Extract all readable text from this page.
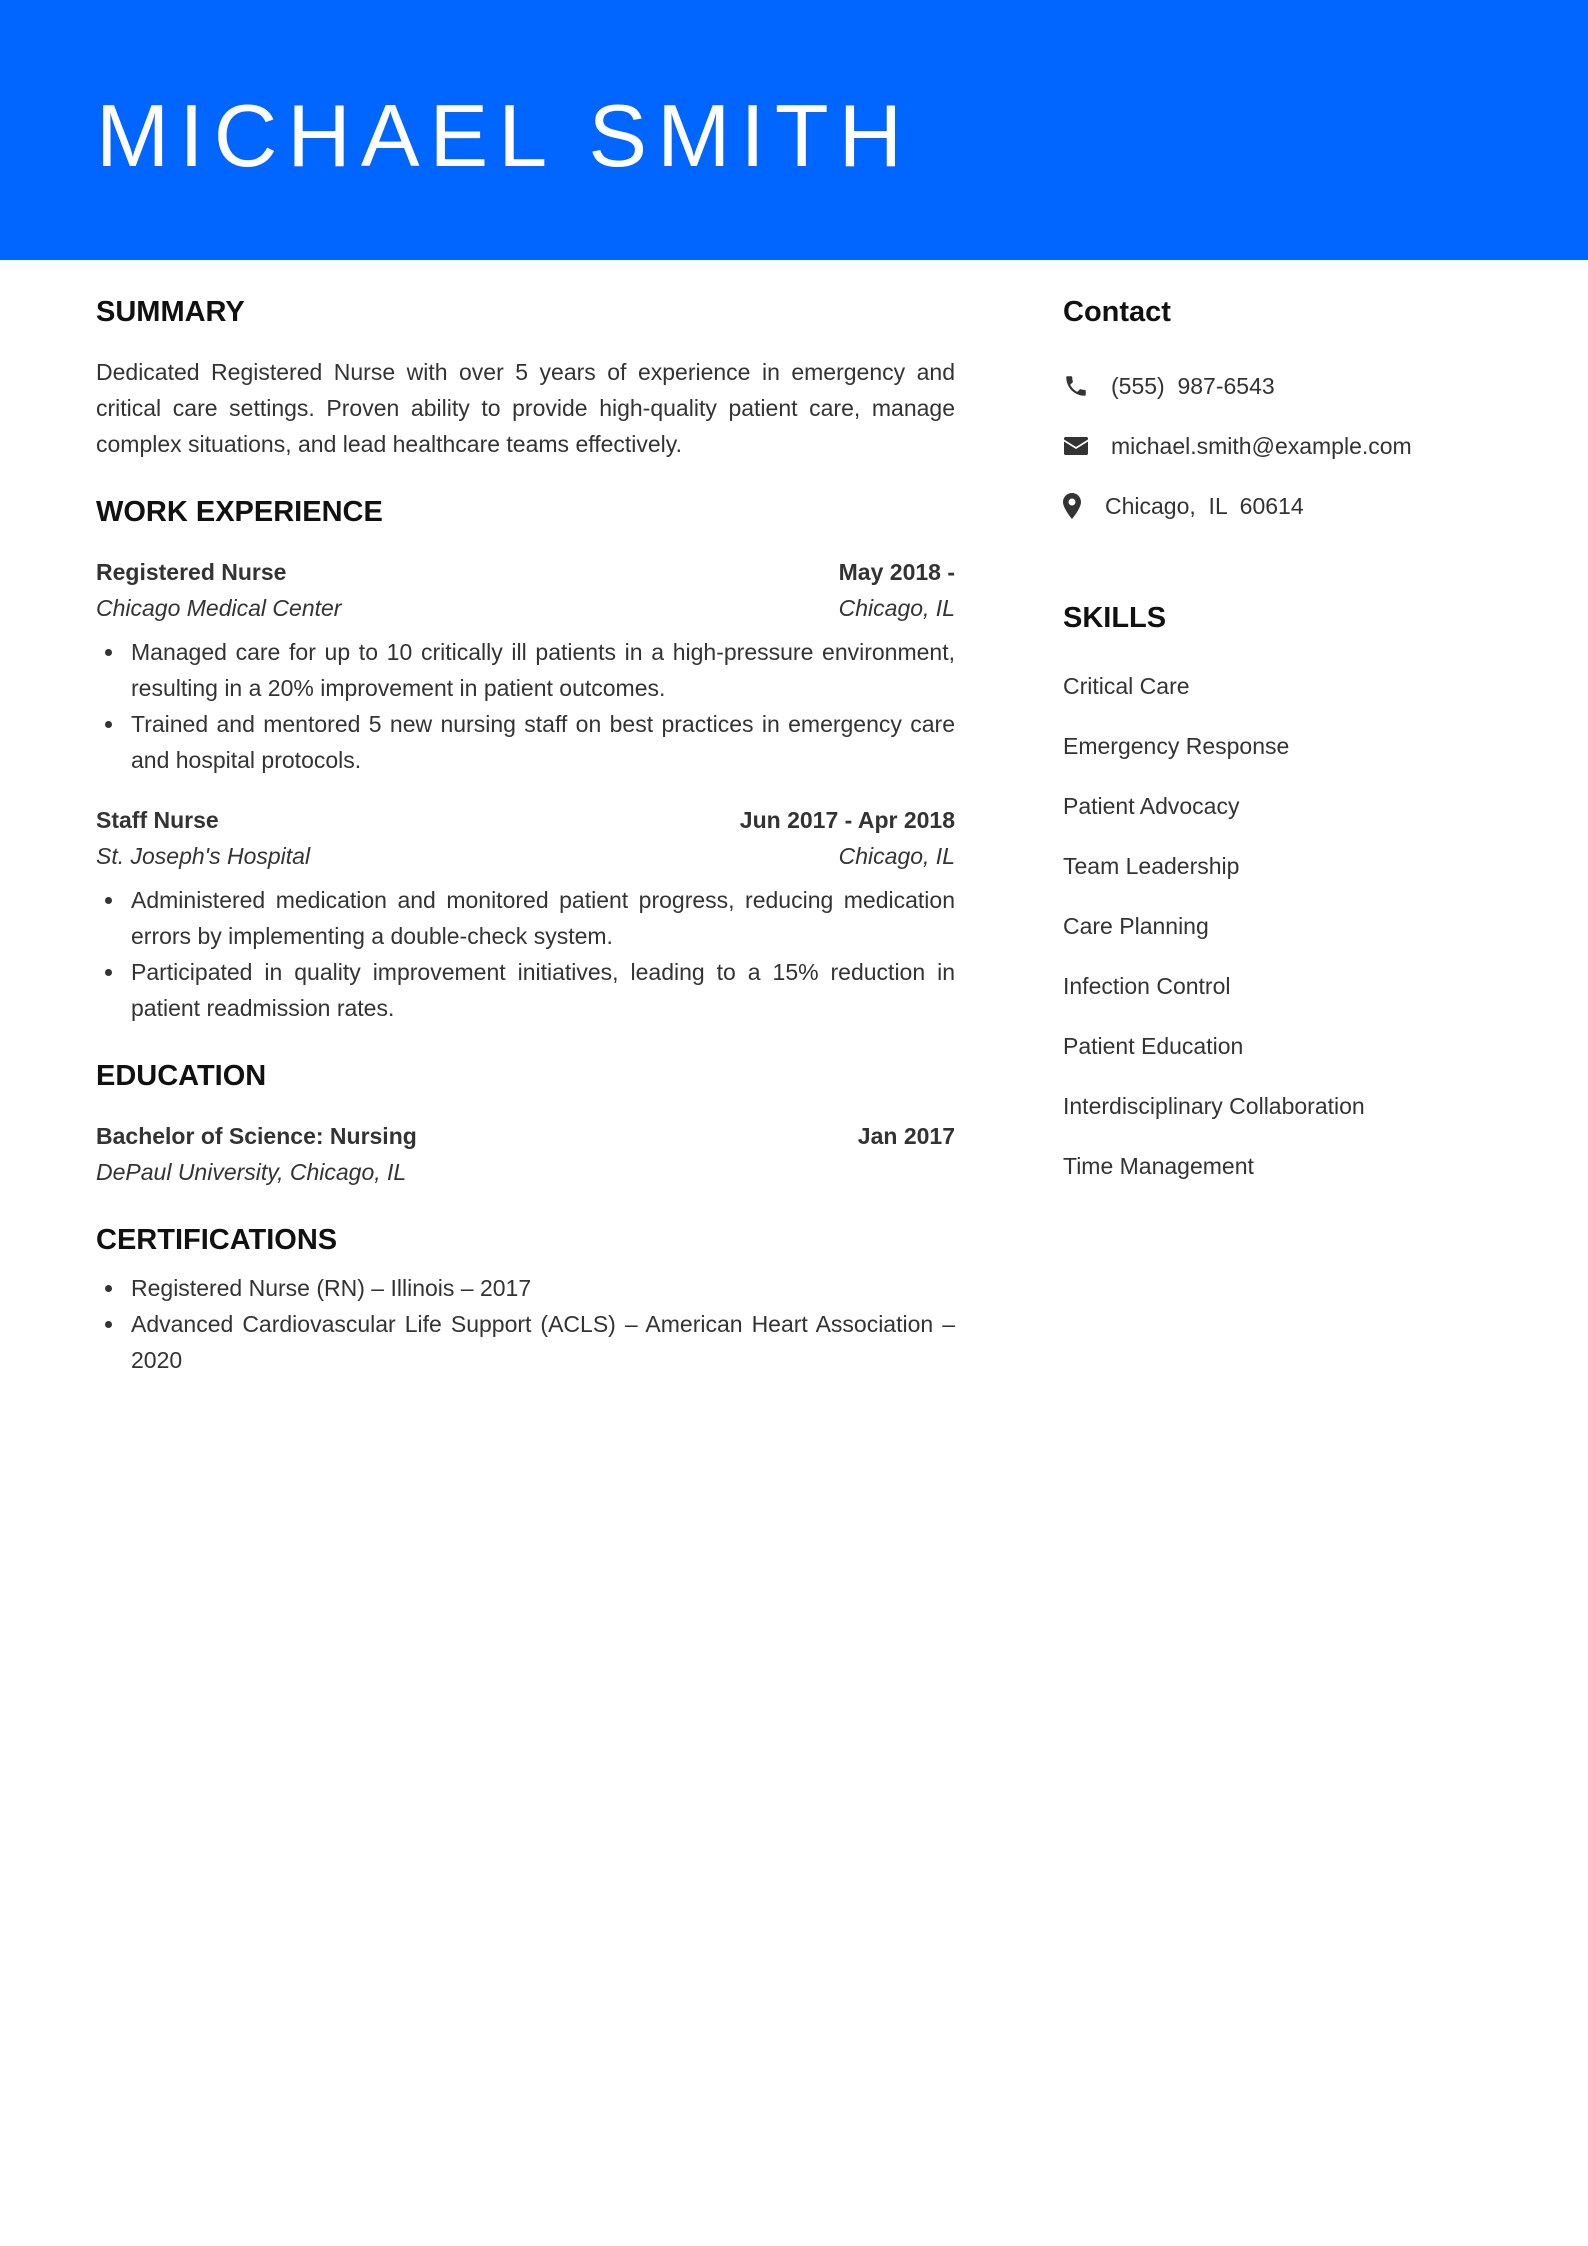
MICHAEL SMITH
SUMMARY

Dedicated Registered Nurse with over 5 years of experience in emergency and critical care settings. Proven ability to provide high-quality patient care, manage complex situations, and lead healthcare teams effectively.

WORK EXPERIENCE
Registered Nurse	May 2018 -
Chicago Medical Center	Chicago, IL
Managed care for up to 10 critically ill patients in a high-pressure environment, resulting in a 20% improvement in patient outcomes.
Trained and mentored 5 new nursing staff on best practices in emergency care and hospital protocols.
Staff Nurse	Jun 2017 - Apr 2018
St. Joseph's Hospital	Chicago, IL
Administered medication and monitored patient progress, reducing medication errors by implementing a double-check system.
Participated in quality improvement initiatives, leading to a 15% reduction in patient readmission rates.
EDUCATION
Bachelor of Science: Nursing	Jan 2017
DePaul University, Chicago, IL
CERTIFICATIONS
Registered Nurse (RN) – Illinois – 2017
Advanced Cardiovascular Life Support (ACLS) – American Heart Association – 2020
Contact
(555)  987-6543
michael.smith@example.com
Chicago,  IL  60614
SKILLS
Critical Care
Emergency Response
Patient Advocacy
Team Leadership
Care Planning
Infection Control
Patient Education
Interdisciplinary Collaboration
Time Management
